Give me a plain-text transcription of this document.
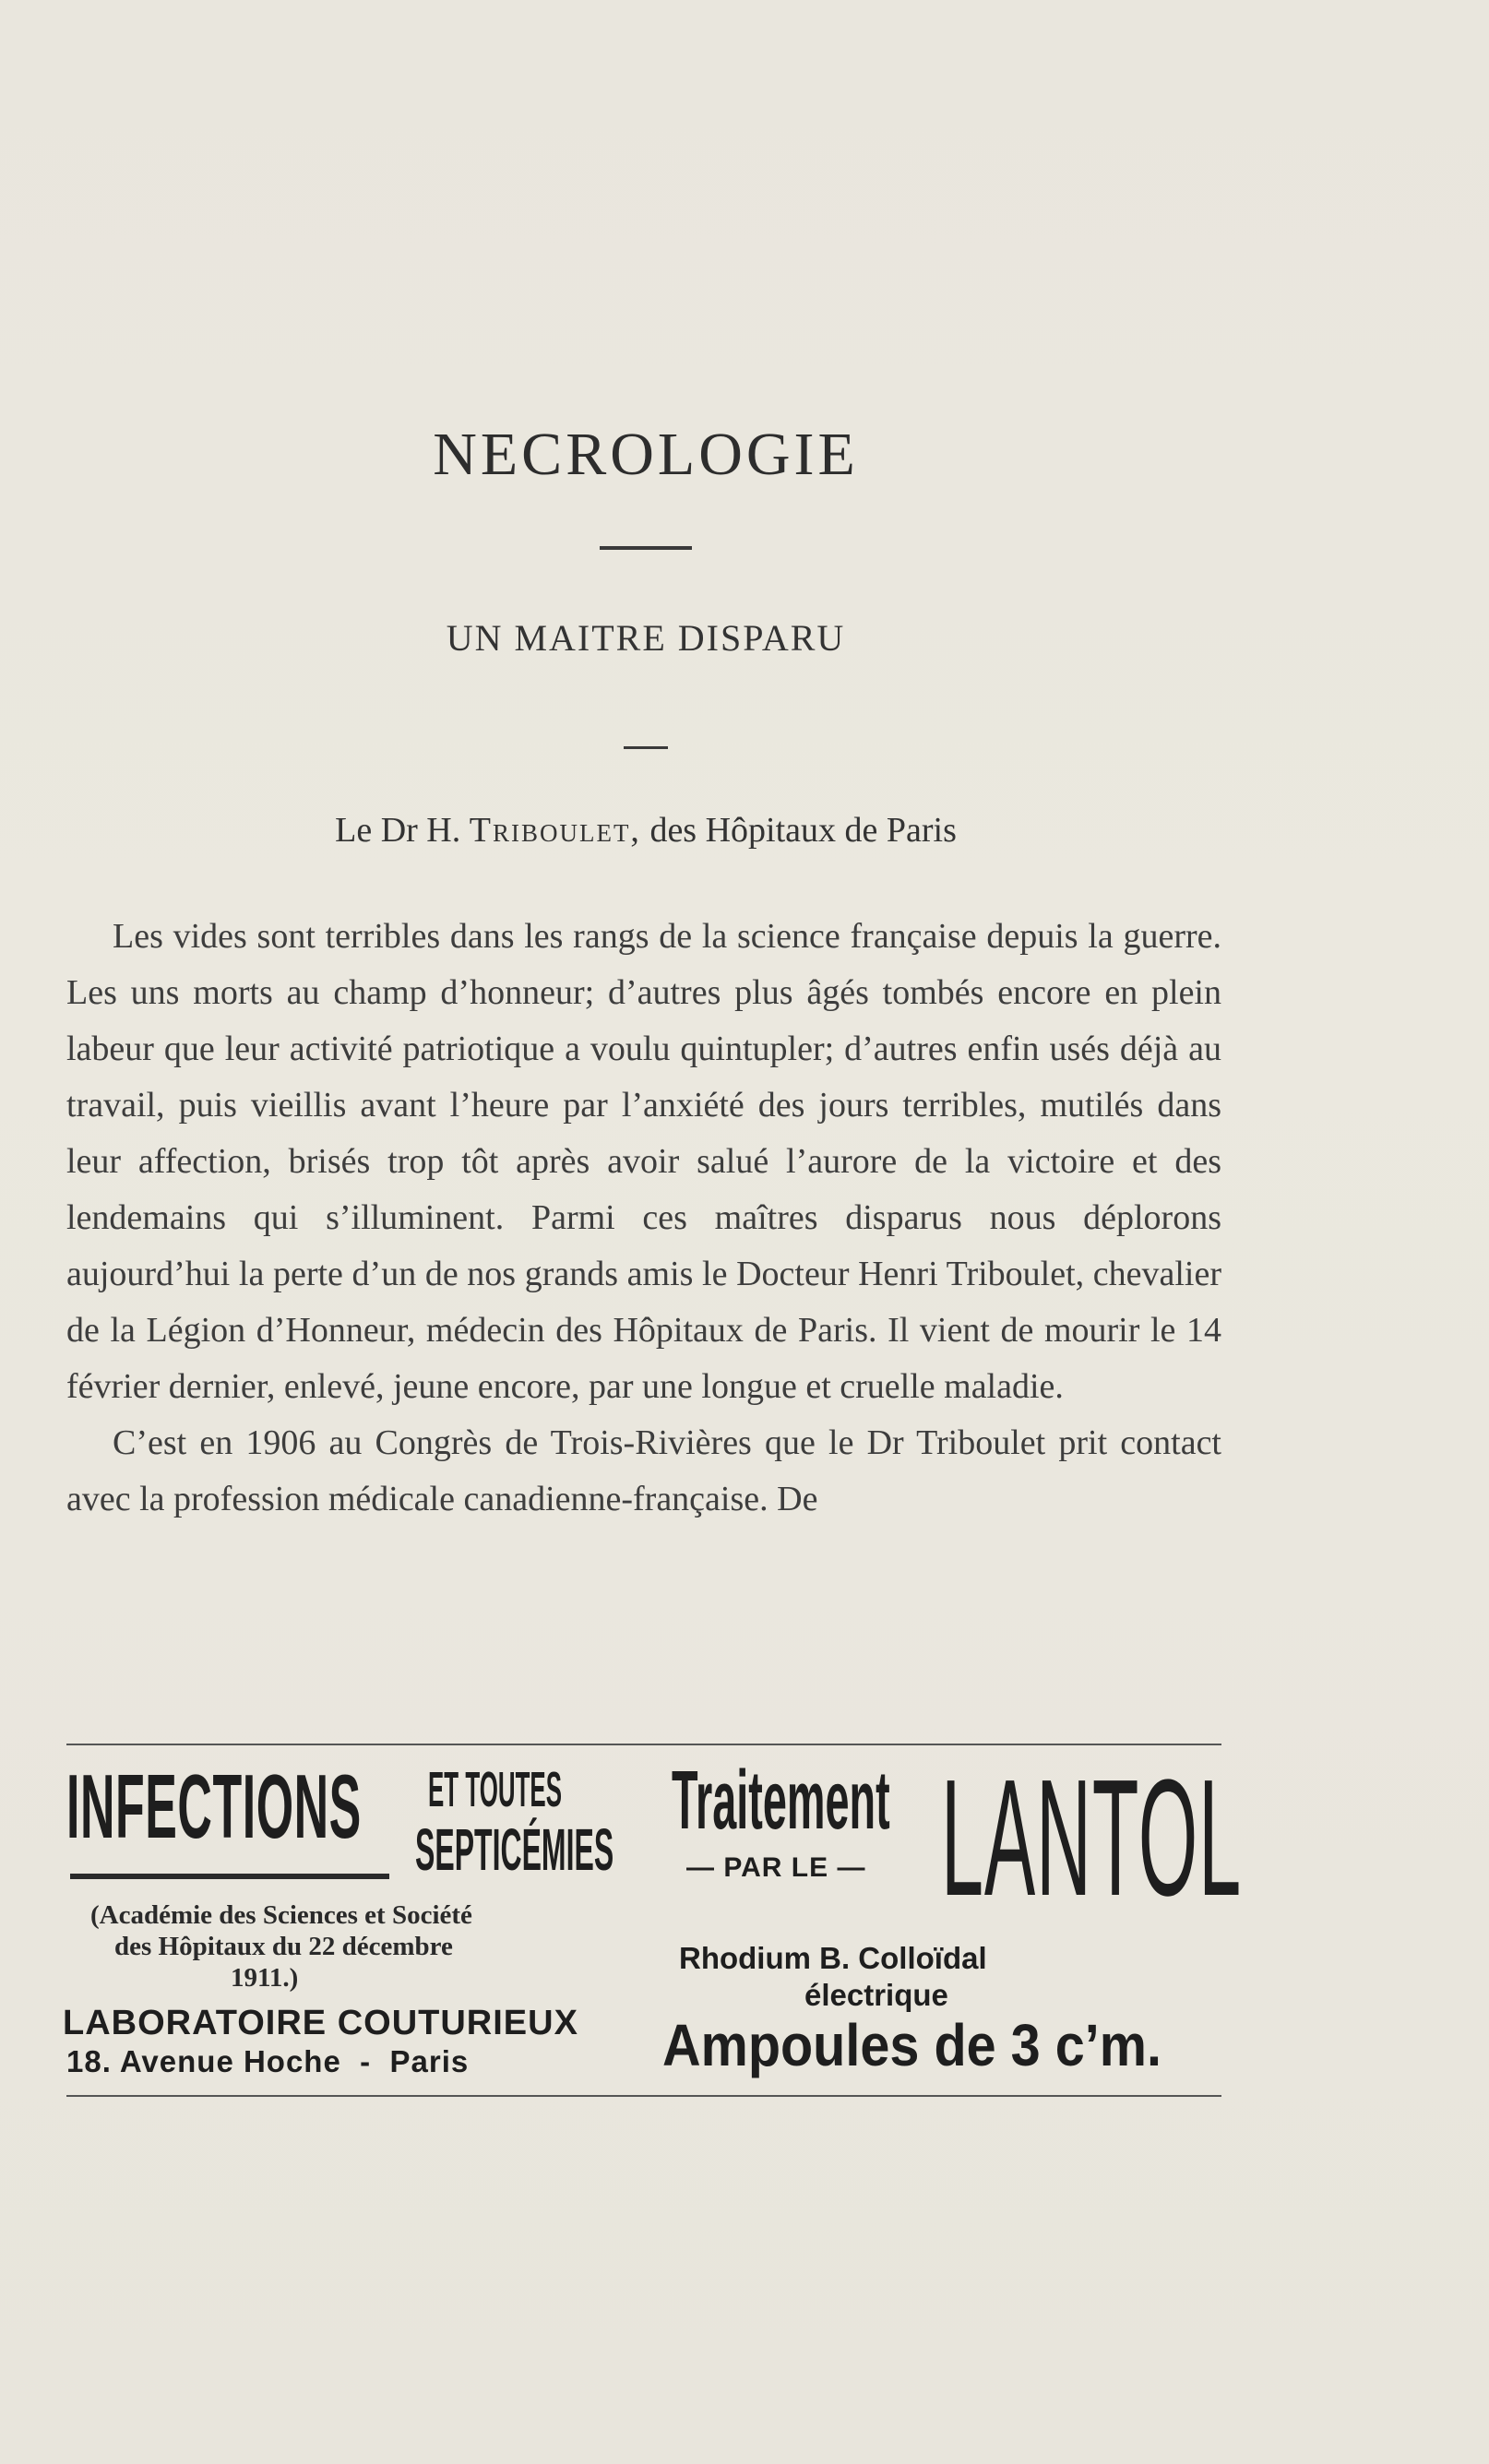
NECROLOGIE
UN MAITRE DISPARU
Le Dr H. Triboulet, des Hôpitaux de Paris

Les vides sont terribles dans les rangs de la science française depuis la guerre. Les uns morts au champ d’honneur; d’autres plus âgés tombés encore en plein labeur que leur activité patriotique a voulu quintupler; d’autres enfin usés déjà au travail, puis vieillis avant l’heure par l’anxiété des jours terribles, mutilés dans leur affection, brisés trop tôt après avoir salué l’aurore de la victoire et des lendemains qui s’illuminent. Parmi ces maîtres disparus nous déplorons aujourd’hui la perte d’un de nos grands amis le Docteur Henri Triboulet, chevalier de la Légion d’Honneur, médecin des Hôpitaux de Paris. Il vient de mourir le 14 février dernier, enlevé, jeune encore, par une longue et cruelle maladie.

C’est en 1906 au Congrès de Trois-Rivières que le Dr Triboulet prit contact avec la profession médicale canadienne-française. De

INFECTIONS ET TOUTES
SEPTICÉMIES
(Académie des Sciences et Société
des Hôpitaux du 22 décembre
1911.)
LABORATOIRE COUTURIEUX
18. Avenue Hoche  -  Paris
Traitement
— PAR LE — LANTOL
Rhodium B. Colloïdal
électrique
Ampoules de 3 c’m.
